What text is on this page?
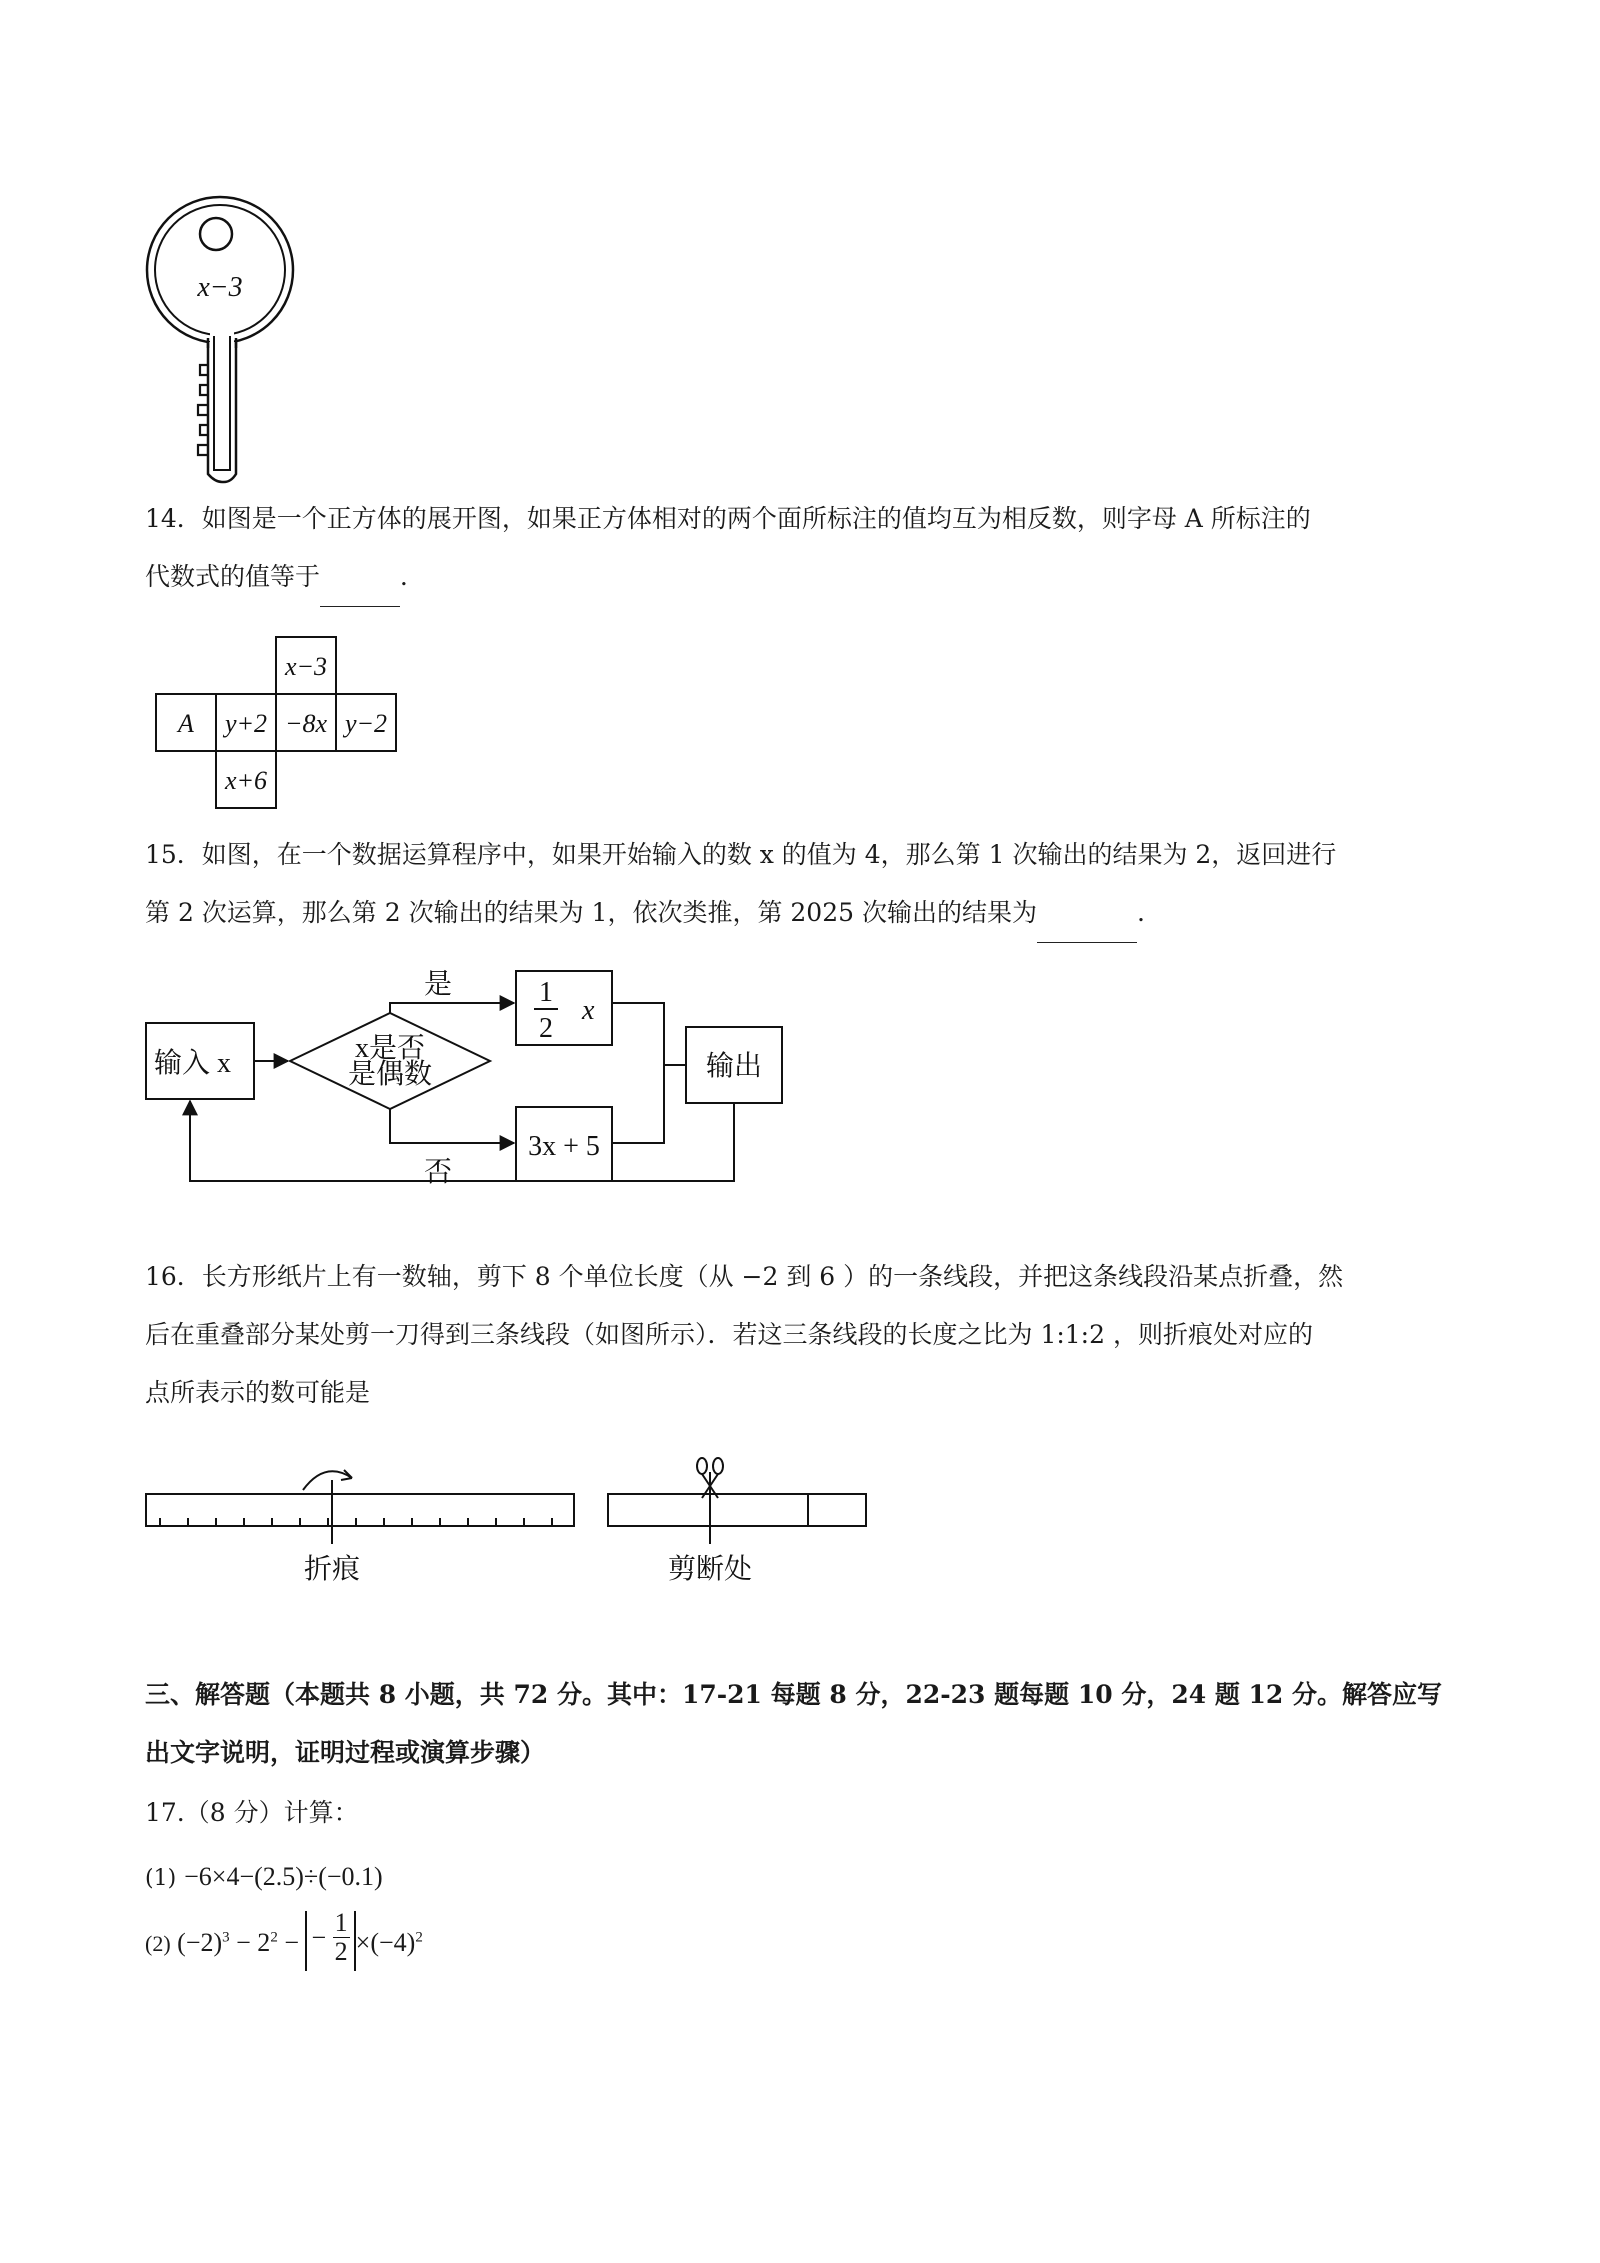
x−3
14．如图是一个正方体的展开图，如果正方体相对的两个面所标注的值均互为相反数，则字母 A 所标注的
代数式的值等于	．
x−3
A y+2 −8x y−2
x+6
15．如图，在一个数据运算程序中，如果开始输入的数 x 的值为 4，那么第 1 次输出的结果为 2，返回进行
第 2 次运算，那么第 2 次输出的结果为 1，依次类推，第 2025 次输出的结果为	.
输入 x	x是否
是偶数
是
否
1
2
x
3x + 5
输出
16．长方形纸片上有一数轴，剪下 8 个单位长度（从 −2 到 6 ）的一条线段，并把这条线段沿某点折叠，然
后在重叠部分某处剪一刀得到三条线段（如图所示）．若这三条线段的长度之比为 1:1:2 ，则折痕处对应的
点所表示的数可能是
折痕	剪断处
三、解答题（本题共 8 小题，共 72 分。其中：17-21 每题 8 分，22-23 题每题 10 分，24 题 12 分。解答应写
出文字说明，证明过程或演算步骤）
17.（8 分）计算：
(1) −6×4−(2.5)÷(−0.1)
(2) $(-2)^3 - 2^2$ − − $\frac{1}{2} \times(-4)^2$
